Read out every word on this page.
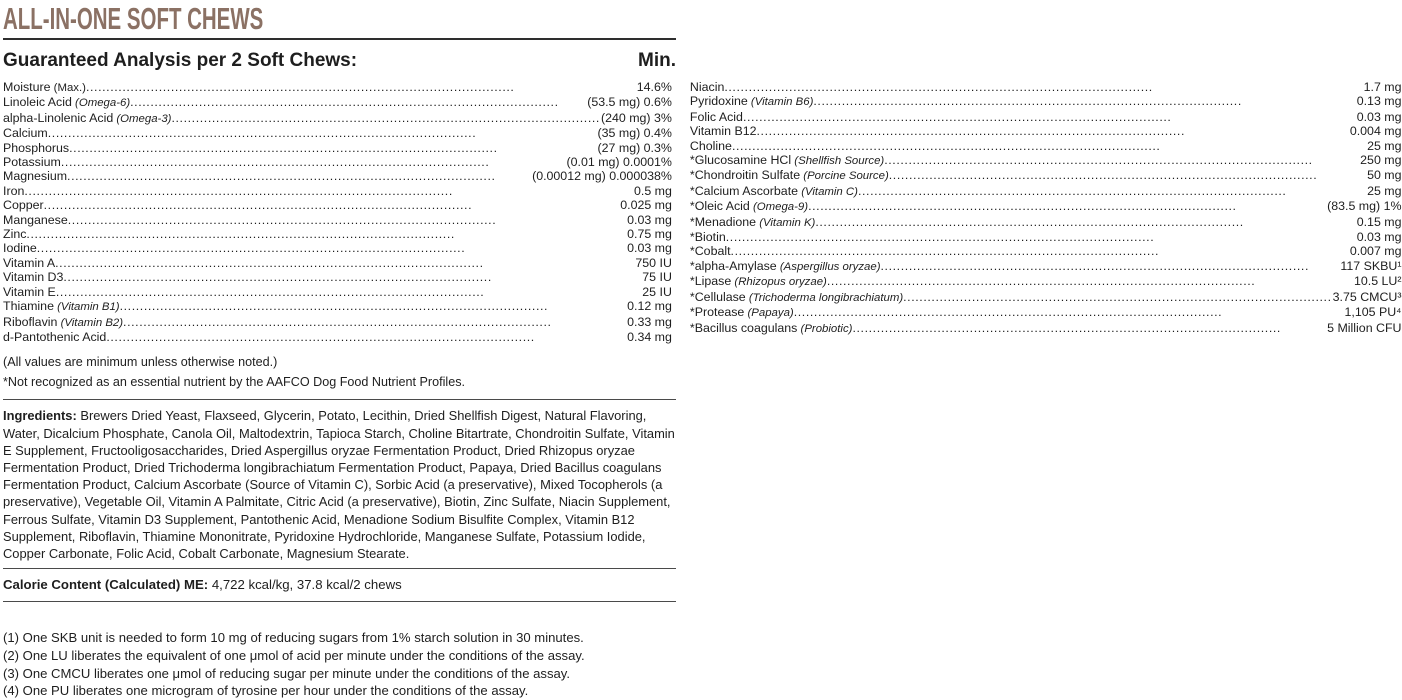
ALL-IN-ONE SOFT CHEWS
Guaranteed Analysis per 2 Soft Chews:	Min.
Moisture (Max.) .....	14.6%
Linoleic Acid (Omega-6) .....	(53.5 mg) 0.6%
alpha-Linolenic Acid (Omega-3) .....	(240 mg) 3%
Calcium .....	(35 mg) 0.4%
Phosphorus .....	(27 mg) 0.3%
Potassium .....	(0.01 mg) 0.0001%
Magnesium .....	(0.00012 mg) 0.000038%
Iron .....	0.5 mg
Copper .....	0.025 mg
Manganese .....	0.03 mg
Zinc .....	0.75 mg
Iodine .....	0.03 mg
Vitamin A .....	750 IU
Vitamin D3 .....	75 IU
Vitamin E .....	25 IU
Thiamine (Vitamin B1) .....	0.12 mg
Riboflavin (Vitamin B2) .....	0.33 mg
d-Pantothenic Acid .....	0.34 mg
Niacin .....	1.7 mg
Pyridoxine (Vitamin B6) .....	0.13 mg
Folic Acid .....	0.03 mg
Vitamin B12 .....	0.004 mg
Choline .....	25 mg
*Glucosamine HCl (Shellfish Source) .....	250 mg
*Chondroitin Sulfate (Porcine Source) .....	50 mg
*Calcium Ascorbate (Vitamin C) .....	25 mg
*Oleic Acid (Omega-9) .....	(83.5 mg) 1%
*Menadione (Vitamin K) .....	0.15 mg
*Biotin .....	0.03 mg
*Cobalt .....	0.007 mg
*alpha-Amylase (Aspergillus oryzae) .....	117 SKBU¹
*Lipase (Rhizopus oryzae) .....	10.5 LU²
*Cellulase (Trichoderma longibrachiatum) .....	3.75 CMCU³
*Protease (Papaya) .....	1,105 PU⁴
*Bacillus coagulans (Probiotic) .....	5 Million CFU
(All values are minimum unless otherwise noted.)
*Not recognized as an essential nutrient by the AAFCO Dog Food Nutrient Profiles.

Ingredients: Brewers Dried Yeast, Flaxseed, Glycerin, Potato, Lecithin, Dried Shellfish Digest, Natural Flavoring, Water, Dicalcium Phosphate, Canola Oil, Maltodextrin, Tapioca Starch, Choline Bitartrate, Chondroitin Sulfate, Vitamin E Supplement, Fructooligosaccharides, Dried Aspergillus oryzae Fermentation Product, Dried Rhizopus oryzae Fermentation Product, Dried Trichoderma longibrachiatum Fermentation Product, Papaya, Dried Bacillus coagulans Fermentation Product, Calcium Ascorbate (Source of Vitamin C), Sorbic Acid (a preservative), Mixed Tocopherols (a preservative), Vegetable Oil, Vitamin A Palmitate, Citric Acid (a preservative), Biotin, Zinc Sulfate, Niacin Supplement, Ferrous Sulfate, Vitamin D3 Supplement, Pantothenic Acid, Menadione Sodium Bisulfite Complex, Vitamin B12 Supplement, Riboflavin, Thiamine Mononitrate, Pyridoxine Hydrochloride, Manganese Sulfate, Potassium Iodide, Copper Carbonate, Folic Acid, Cobalt Carbonate, Magnesium Stearate.

Calorie Content (Calculated) ME: 4,722 kcal/kg, 37.8 kcal/2 chews

(1) One SKB unit is needed to form 10 mg of reducing sugars from 1% starch solution in 30 minutes.

(2) One LU liberates the equivalent of one μmol of acid per minute under the conditions of the assay.

(3) One CMCU liberates one μmol of reducing sugar per minute under the conditions of the assay.

(4) One PU liberates one microgram of tyrosine per hour under the conditions of the assay.
